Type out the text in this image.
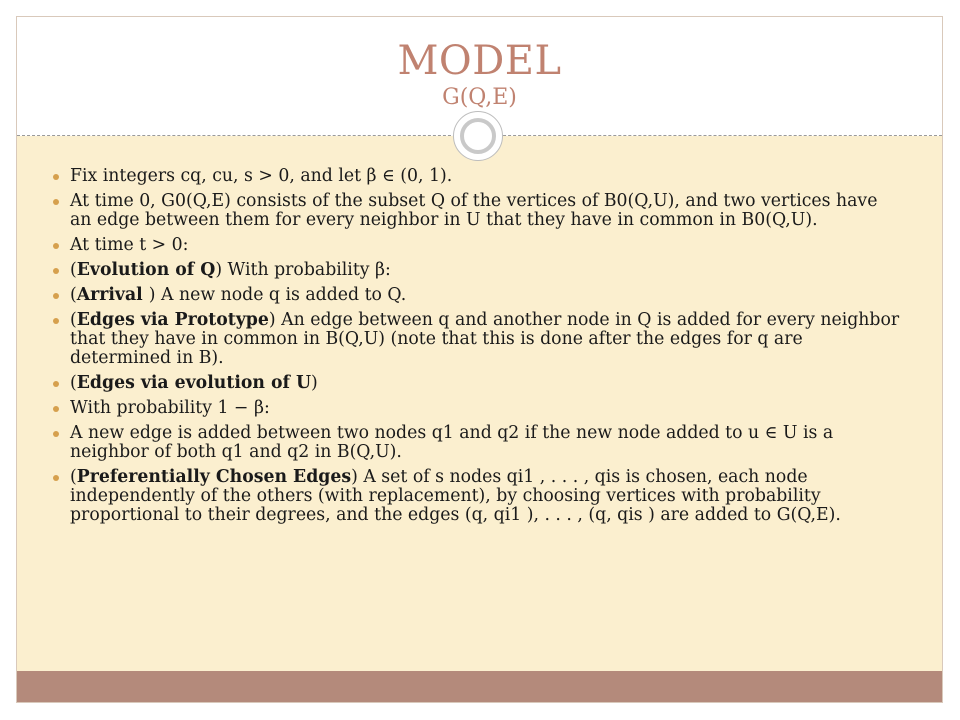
MODEL
G(Q,E)
Fix integers cq, cu, s > 0, and let β ∈ (0, 1).
At time 0, G0(Q,E) consists of the subset Q of the vertices of B0(Q,U), and two vertices have an edge between them for every neighbor in U that they have in common in B0(Q,U).
At time t > 0:
(Evolution of Q) With probability β:
(Arrival ) A new node q is added to Q.
(Edges via Prototype) An edge between q and another node in Q is added for every neighbor that they have in common in B(Q,U) (note that this is done after the edges for q are determined in B).
(Edges via evolution of U)
With probability 1 − β:
A new edge is added between two nodes q1 and q2 if the new node added to u ∈ U is a neighbor of both q1 and q2 in B(Q,U).
(Preferentially Chosen Edges) A set of s nodes qi1 , . . . , qis is chosen, each node independently of the others (with replacement), by choosing vertices with probability proportional to their degrees, and the edges (q, qi1 ), . . . , (q, qis ) are added to G(Q,E).
